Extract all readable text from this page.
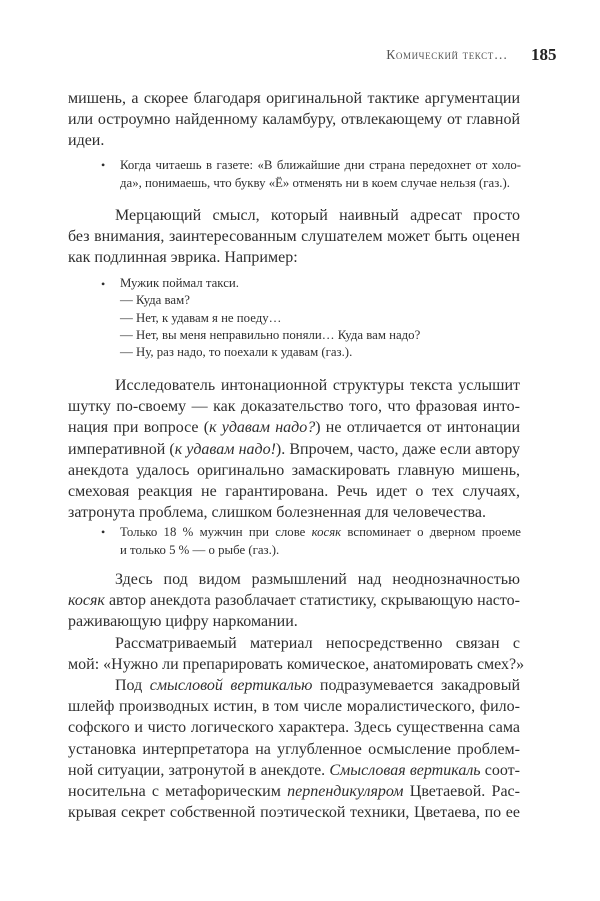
Комический текст… 185
мишень, а скорее благодаря оригинальной тактике аргументации
или остроумно найденному каламбуру, отвлекающему от главной
идеи.
•	Когда читаешь в газете: «В ближайшие дни страна передохнет от холо-
да», понимаешь, что букву «Ё» отменять ни в коем случае нельзя (газ.).
Мерцающий смысл, который наивный адресат просто
без внимания, заинтересованным слушателем может быть оценен
как подлинная эврика. Например:
•	Мужик поймал такси.
— Куда вам?
— Нет, к удавам я не поеду…
— Нет, вы меня неправильно поняли… Куда вам надо?
— Ну, раз надо, то поехали к удавам (газ.).
Исследователь интонационной структуры текста услышит
шутку по-своему — как доказательство того, что фразовая инто-
нация при вопросе (к удавам надо?) не отличается от интонации
императивной (к удавам надо!). Впрочем, часто, даже если автору
анекдота удалось оригинально замаскировать главную мишень,
смеховая реакция не гарантирована. Речь идет о тех случаях,
затронута проблема, слишком болезненная для человечества.
•	Только 18 % мужчин при слове косяк вспоминает о дверном проеме
и только 5 % — о рыбе (газ.).
Здесь под видом размышлений над неоднозначностью
косяк автор анекдота разоблачает статистику, скрывающую насто-
раживающую цифру наркомании.
Рассматриваемый материал непосредственно связан с
мой: «Нужно ли препарировать комическое, анатомировать смех?»
Под смысловой вертикалью подразумевается закадровый
шлейф производных истин, в том числе моралистического, фило-
софского и чисто логического характера. Здесь существенна сама
установка интерпретатора на углубленное осмысление проблем-
ной ситуации, затронутой в анекдоте. Смысловая вертикаль соот-
носительна с метафорическим перпендикуляром Цветаевой. Рас-
крывая секрет собственной поэтической техники, Цветаева, по ее
